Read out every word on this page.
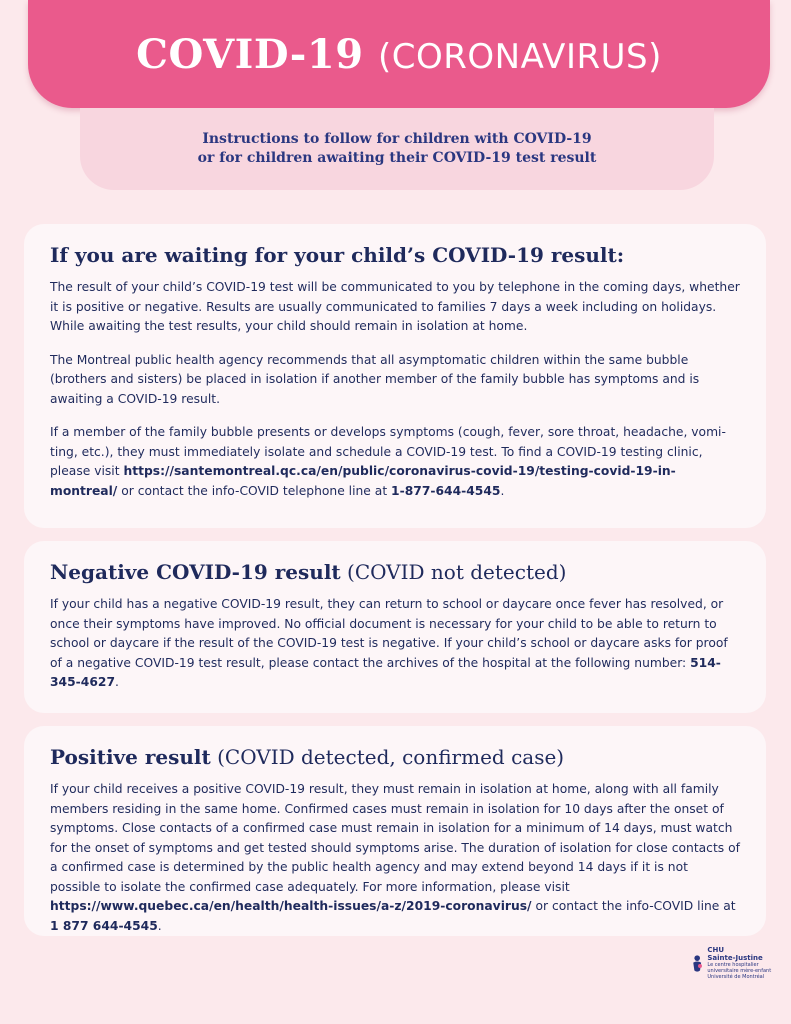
COVID-19 (CORONAVIRUS)
Instructions to follow for children with COVID-19
or for children awaiting their COVID-19 test result
If you are waiting for your child’s COVID-19 result:

The result of your child’s COVID-19 test will be communicated to you by telephone in the coming days, whether it is positive or negative. Results are usually communicated to families 7 days a week including on holidays. While awaiting the test results, your child should remain in isolation at home.

The Montreal public health agency recommends that all asymptomatic children within the same bubble (brothers and sisters) be placed in isolation if another member of the family bubble has symptoms and is awaiting a COVID-19 result.

If a member of the family bubble presents or develops symptoms (cough, fever, sore throat, headache, vomi-ting, etc.), they must immediately isolate and schedule a COVID-19 test. To find a COVID-19 testing clinic, please visit https://santemontreal.qc.ca/en/public/coronavirus-covid-19/testing-covid-19-in-montreal/ or contact the info-COVID telephone line at 1-877-644-4545.

Negative COVID-19 result (COVID not detected)

If your child has a negative COVID-19 result, they can return to school or daycare once fever has resolved, or once their symptoms have improved. No official document is necessary for your child to be able to return to school or daycare if the result of the COVID-19 test is negative. If your child’s school or daycare asks for proof of a negative COVID-19 test result, please contact the archives of the hospital at the following number: 514-345-4627.

Positive result (COVID detected, confirmed case)

If your child receives a positive COVID-19 result, they must remain in isolation at home, along with all family members residing in the same home. Confirmed cases must remain in isolation for 10 days after the onset of symptoms. Close contacts of a confirmed case must remain in isolation for a minimum of 14 days, must watch for the onset of symptoms and get tested should symptoms arise. The duration of isolation for close contacts of a confirmed case is determined by the public health agency and may extend beyond 14 days if it is not possible to isolate the confirmed case adequately. For more information, please visit https://www.quebec.ca/en/health/health-issues/a-z/2019-coronavirus/ or contact the info-COVID line at 1 877 644-4545.

CHU
Sainte-Justine
Le centre hospitalier universitaire mère-enfant
Université de Montréal
